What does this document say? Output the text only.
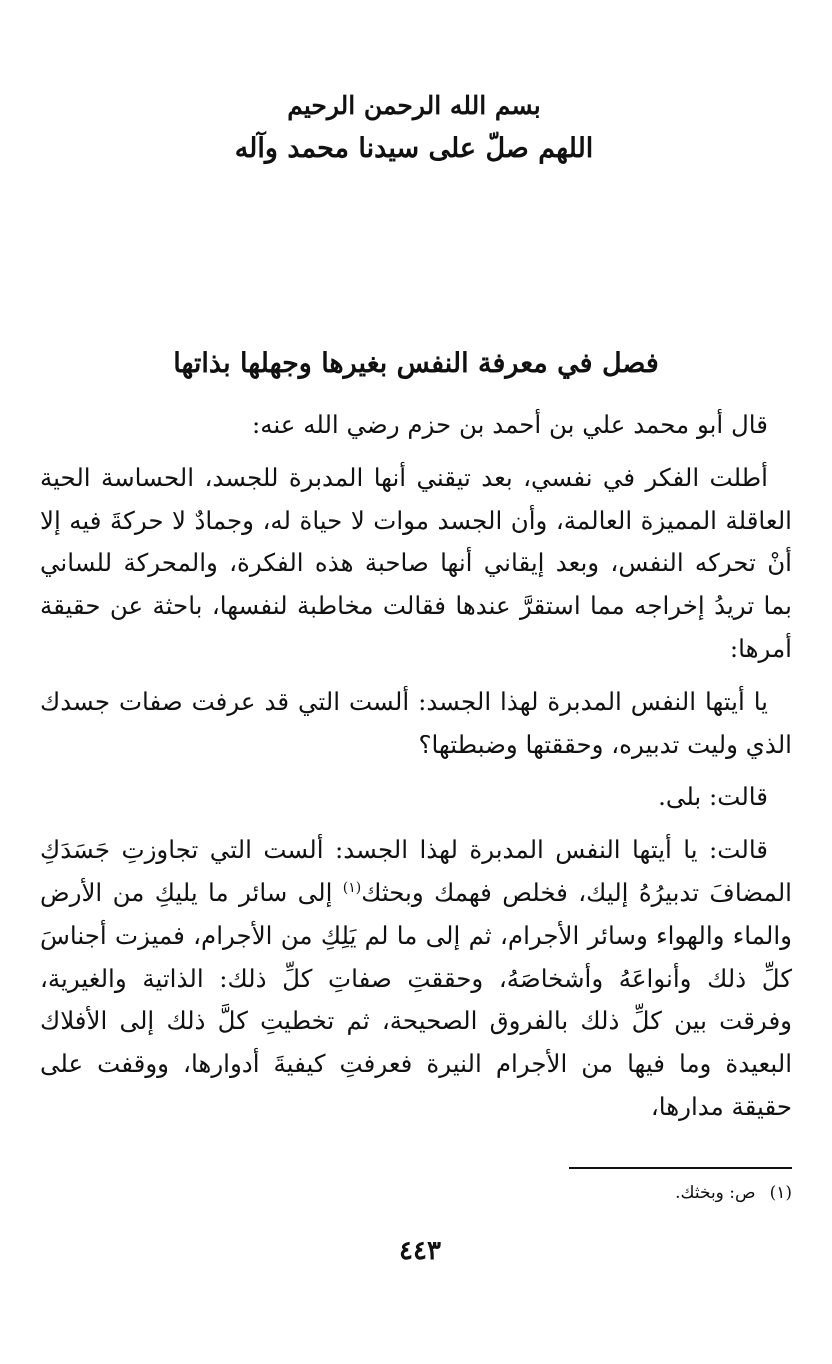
بسم الله الرحمن الرحيم
اللهم صلّ على سيدنا محمد وآله
فصل في معرفة النفس بغيرها وجهلها بذاتها

قال أبو محمد علي بن أحمد بن حزم رضي الله عنه:

أطلت الفكر في نفسي، بعد تيقني أنها المدبرة للجسد، الحساسة الحية العاقلة المميزة العالمة، وأن الجسد موات لا حياة له، وجمادٌ لا حركةَ فيه إلا أنْ تحركه النفس، وبعد إيقاني أنها صاحبة هذه الفكرة، والمحركة للساني بما تريدُ إخراجه مما استقرَّ عندها فقالت مخاطبة لنفسها، باحثة عن حقيقة أمرها:

يا أيتها النفس المدبرة لهذا الجسد: ألست التي قد عرفت صفات جسدك الذي وليت تدبيره، وحققتها وضبطتها؟

قالت: بلى.

قالت: يا أيتها النفس المدبرة لهذا الجسد: ألست التي تجاوزتِ جَسَدَكِ المضافَ تدبيرُهُ إليك، فخلص فهمك وبحثك$^{(١)}$ إلى سائر ما يليكِ من الأرض والماء والهواء وسائر الأجرام، ثم إلى ما لم يَلِكِ من الأجرام، فميزت أجناسَ كلِّ ذلك وأنواعَهُ وأشخاصَهُ، وحققتِ صفاتِ كلِّ ذلك: الذاتية والغيرية، وفرقت بين كلِّ ذلك بالفروق الصحيحة، ثم تخطيتِ كلَّ ذلك إلى الأفلاك البعيدة وما فيها من الأجرام النيرة فعرفتِ كيفيةَ أدوارها، ووقفت على حقيقة مدارها،

(١)ص: وبخثك.
٤٤٣
